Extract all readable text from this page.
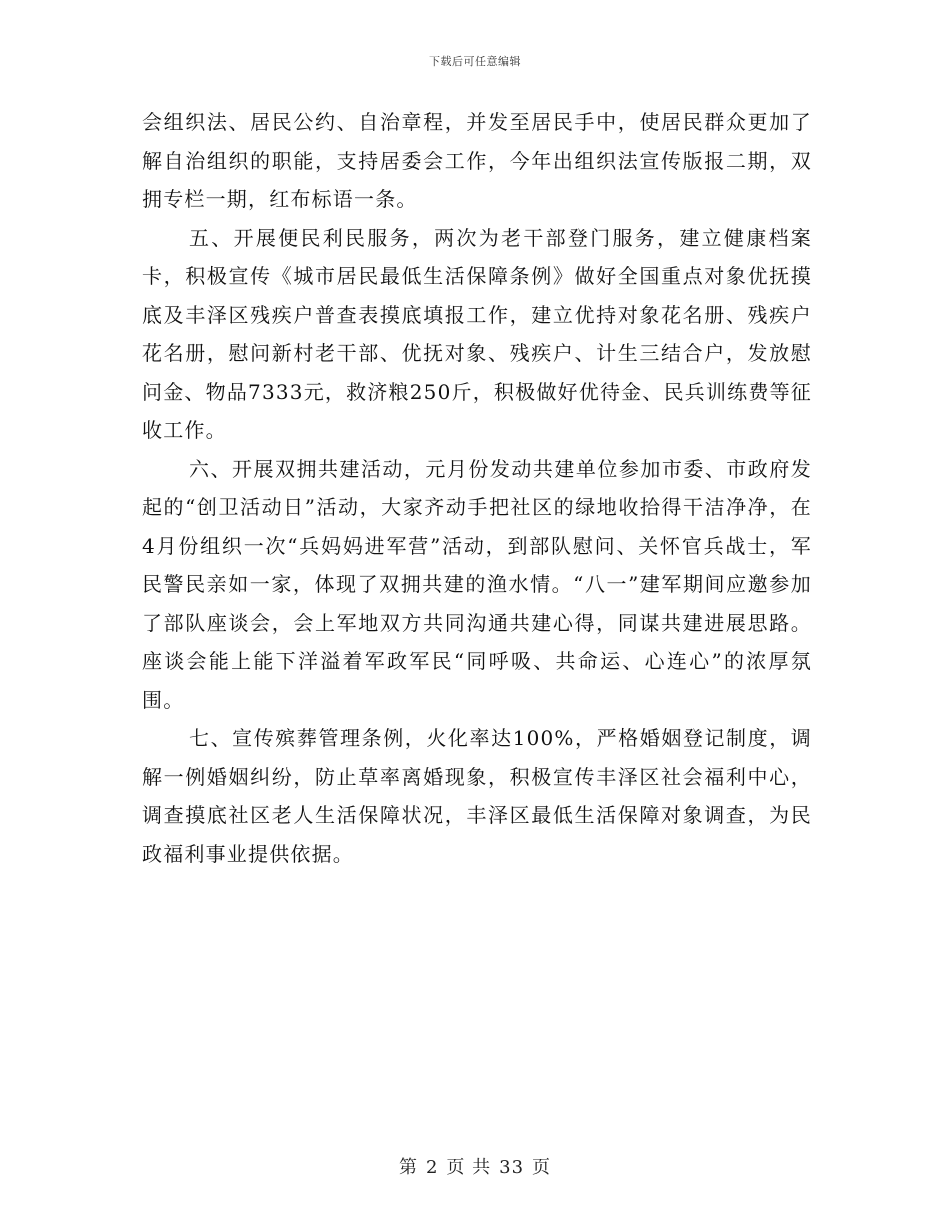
下载后可任意编辑

会组织法、居民公约、自治章程，并发至居民手中，使居民群众更加了解自治组织的职能，支持居委会工作，今年出组织法宣传版报二期，双拥专栏一期，红布标语一条。

五、开展便民利民服务，两次为老干部登门服务，建立健康档案卡，积极宣传《城市居民最低生活保障条例》做好全国重点对象优抚摸底及丰泽区残疾户普查表摸底填报工作，建立优持对象花名册、残疾户花名册，慰问新村老干部、优抚对象、残疾户、计生三结合户，发放慰问金、物品7333元，救济粮250斤，积极做好优待金、民兵训练费等征收工作。

六、开展双拥共建活动，元月份发动共建单位参加市委、市政府发起的“创卫活动日”活动，大家齐动手把社区的绿地收拾得干洁净净，在4月份组织一次“兵妈妈进军营”活动，到部队慰问、关怀官兵战士，军民警民亲如一家，体现了双拥共建的渔水情。“八一”建军期间应邀参加了部队座谈会，会上军地双方共同沟通共建心得，同谋共建进展思路。座谈会能上能下洋溢着军政军民“同呼吸、共命运、心连心”的浓厚氛围。

七、宣传殡葬管理条例，火化率达100%，严格婚姻登记制度，调解一例婚姻纠纷，防止草率离婚现象，积极宣传丰泽区社会福利中心，调查摸底社区老人生活保障状况，丰泽区最低生活保障对象调查，为民政福利事业提供依据。

第 2 页 共 33 页
